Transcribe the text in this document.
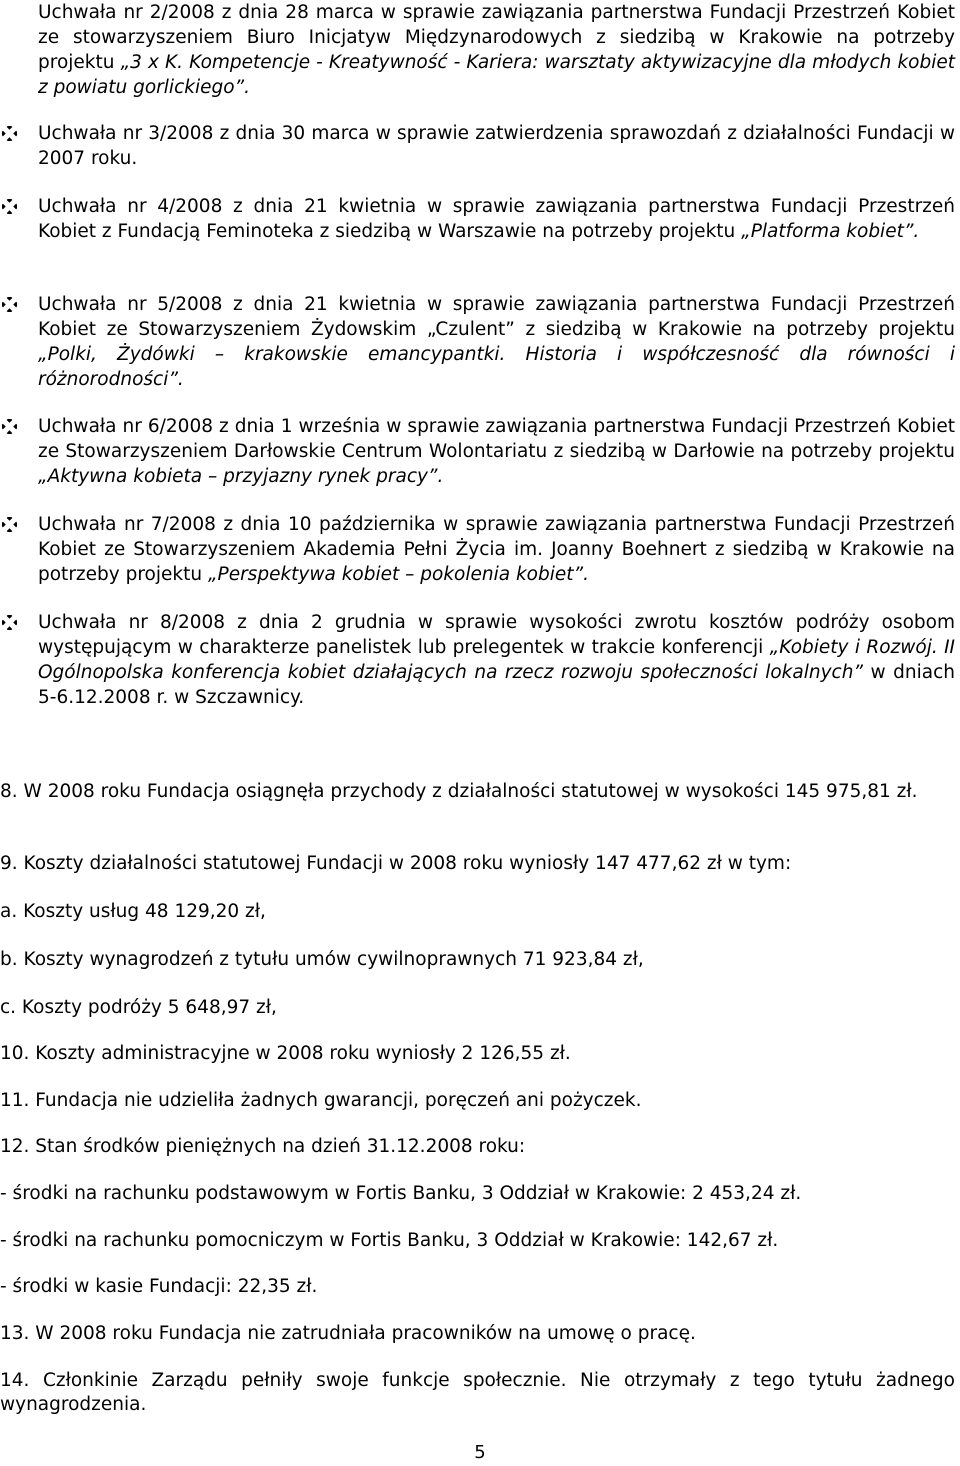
Uchwała nr 2/2008 z dnia 28 marca w sprawie zawiązania partnerstwa Fundacji Przestrzeń Kobiet ze stowarzyszeniem Biuro Inicjatyw Międzynarodowych z siedzibą w Krakowie na potrzeby projektu „3 x K. Kompetencje - Kreatywność - Kariera: warsztaty aktywizacyjne dla młodych kobiet z powiatu gorlickiego”.
Uchwała nr 3/2008 z dnia 30 marca w sprawie zatwierdzenia sprawozdań z działalności Fundacji w 2007 roku.
Uchwała nr 4/2008 z dnia 21 kwietnia w sprawie zawiązania partnerstwa Fundacji Przestrzeń Kobiet z Fundacją Feminoteka z siedzibą w Warszawie na potrzeby projektu „Platforma kobiet”.
Uchwała nr 5/2008 z dnia 21 kwietnia w sprawie zawiązania partnerstwa Fundacji Przestrzeń Kobiet ze Stowarzyszeniem Żydowskim „Czulent” z siedzibą w Krakowie na potrzeby projektu „Polki, Żydówki – krakowskie emancypantki. Historia i współczesność dla równości i różnorodności”.
Uchwała nr 6/2008 z dnia 1 września w sprawie zawiązania partnerstwa Fundacji Przestrzeń Kobiet ze Stowarzyszeniem Darłowskie Centrum Wolontariatu z siedzibą w Darłowie na potrzeby projektu „Aktywna kobieta – przyjazny rynek pracy”.
Uchwała nr 7/2008 z dnia 10 października w sprawie zawiązania partnerstwa Fundacji Przestrzeń Kobiet ze Stowarzyszeniem Akademia Pełni Życia im. Joanny Boehnert z siedzibą w Krakowie na potrzeby projektu „Perspektywa kobiet – pokolenia kobiet”.
Uchwała nr 8/2008 z dnia 2 grudnia w sprawie wysokości zwrotu kosztów podróży osobom występującym w charakterze panelistek lub prelegentek w trakcie konferencji „Kobiety i Rozwój. II Ogólnopolska konferencja kobiet działających na rzecz rozwoju społeczności lokalnych” w dniach 5-6.12.2008 r. w Szczawnicy.
8. W 2008 roku Fundacja osiągnęła przychody z działalności statutowej w wysokości 145 975,81 zł.
9. Koszty działalności statutowej Fundacji w 2008 roku wyniosły 147 477,62 zł w tym:
a. Koszty usług 48 129,20 zł,
b. Koszty wynagrodzeń z tytułu umów cywilnoprawnych 71 923,84 zł,
c. Koszty podróży 5 648,97 zł,
10. Koszty administracyjne w 2008 roku wyniosły 2 126,55 zł.
11. Fundacja nie udzieliła żadnych gwarancji, poręczeń ani pożyczek.
12. Stan środków pieniężnych na dzień 31.12.2008 roku:
- środki na rachunku podstawowym w Fortis Banku, 3 Oddział w Krakowie: 2 453,24 zł.
- środki na rachunku pomocniczym w Fortis Banku, 3 Oddział w Krakowie: 142,67 zł.
- środki w kasie Fundacji: 22,35 zł.
13. W 2008 roku Fundacja nie zatrudniała pracowników na umowę o pracę.
14. Członkinie Zarządu pełniły swoje funkcje społecznie. Nie otrzymały z tego tytułu żadnego wynagrodzenia.
5
